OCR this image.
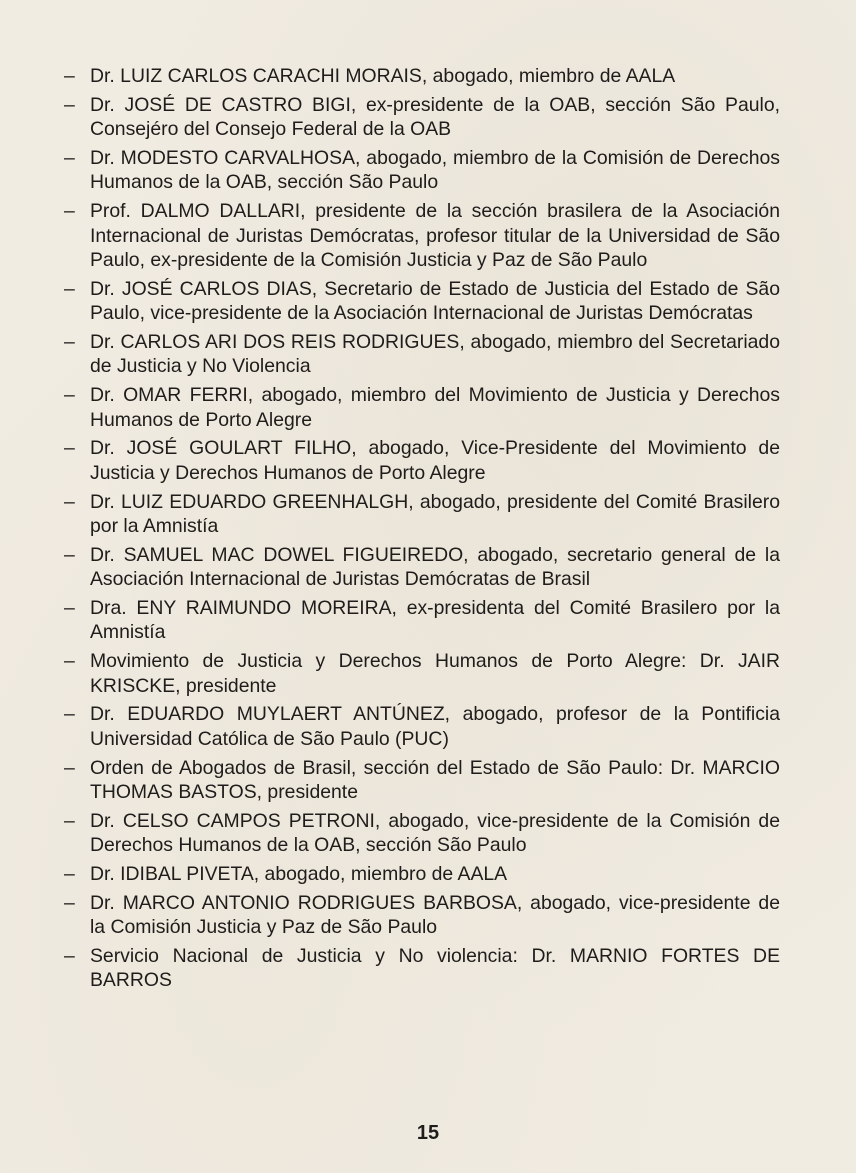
– Dr. LUIZ CARLOS CARACHI MORAIS, abogado, miembro de AALA
– Dr. JOSÉ DE CASTRO BIGI, ex-presidente de la OAB, sección São Paulo, Consejéro del Consejo Federal de la OAB
– Dr. MODESTO CARVALHOSA, abogado, miembro de la Comisión de Derechos Humanos de la OAB, sección São Paulo
– Prof. DALMO DALLARI, presidente de la sección brasilera de la Asociación Internacional de Juristas Demócratas, profesor titular de la Universidad de São Paulo, ex-presidente de la Comisión Justicia y Paz de São Paulo
– Dr. JOSÉ CARLOS DIAS, Secretario de Estado de Justicia del Estado de São Paulo, vice-presidente de la Asociación Internacional de Juristas Demócratas
– Dr. CARLOS ARI DOS REIS RODRIGUES, abogado, miembro del Secretariado de Justicia y No Violencia
– Dr. OMAR FERRI, abogado, miembro del Movimiento de Justicia y Derechos Humanos de Porto Alegre
– Dr. JOSÉ GOULART FILHO, abogado, Vice-Presidente del Movimiento de Justicia y Derechos Humanos de Porto Alegre
– Dr. LUIZ EDUARDO GREENHALGH, abogado, presidente del Comité Brasilero por la Amnistía
– Dr. SAMUEL MAC DOWEL FIGUEIREDO, abogado, secretario general de la Asociación Internacional de Juristas Demócratas de Brasil
– Dra. ENY RAIMUNDO MOREIRA, ex-presidenta del Comité Brasilero por la Amnistía
– Movimiento de Justicia y Derechos Humanos de Porto Alegre: Dr. JAIR KRISCKE, presidente
– Dr. EDUARDO MUYLAERT ANTÚNEZ, abogado, profesor de la Pontificia Universidad Católica de São Paulo (PUC)
– Orden de Abogados de Brasil, sección del Estado de São Paulo: Dr. MARCIO THOMAS BASTOS, presidente
– Dr. CELSO CAMPOS PETRONI, abogado, vice-presidente de la Comisión de Derechos Humanos de la OAB, sección São Paulo
– Dr. IDIBAL PIVETA, abogado, miembro de AALA
– Dr. MARCO ANTONIO RODRIGUES BARBOSA, abogado, vice-presidente de la Comisión Justicia y Paz de São Paulo
– Servicio Nacional de Justicia y No violencia: Dr. MARNIO FORTES DE BARROS
15
